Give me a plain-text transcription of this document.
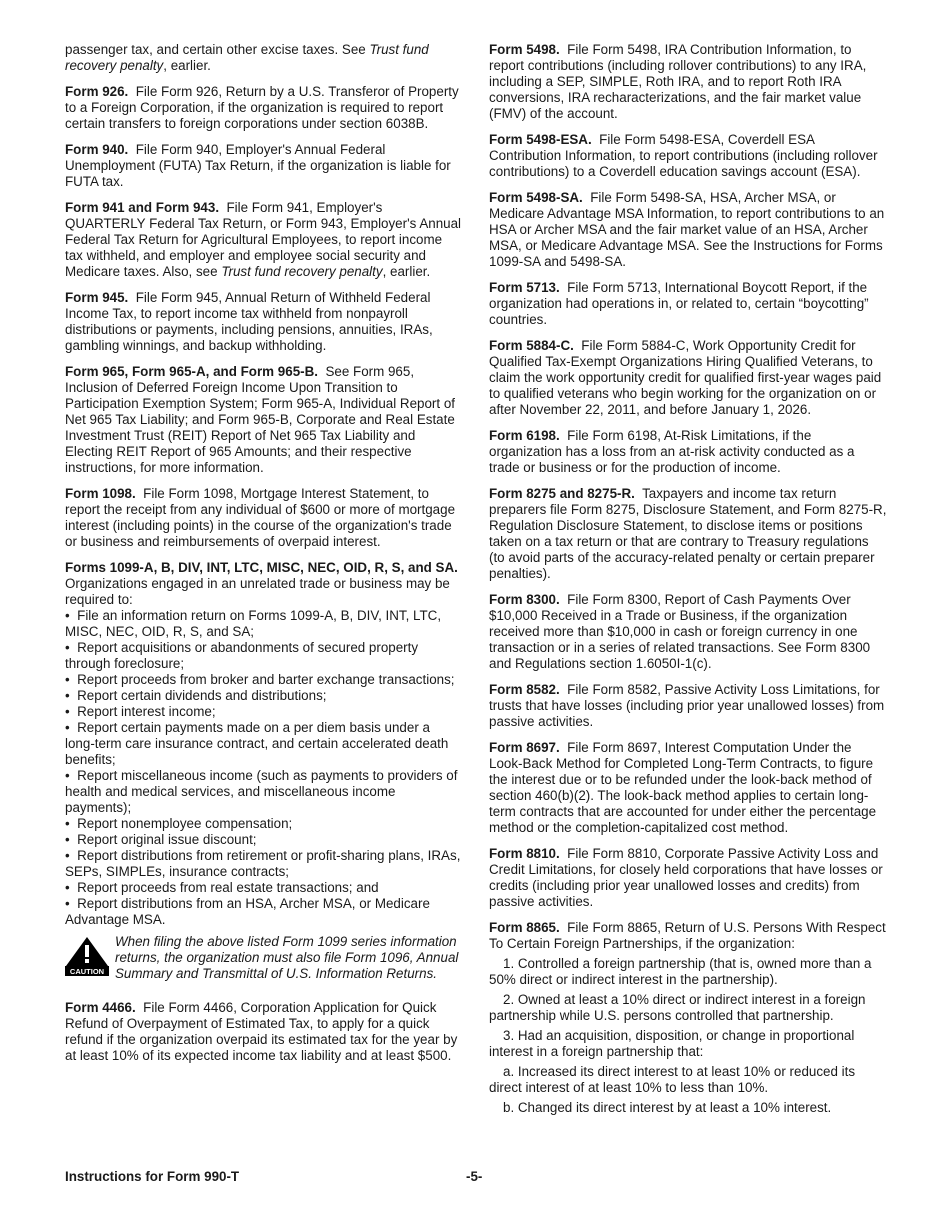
passenger tax, and certain other excise taxes. See Trust fund recovery penalty, earlier.

Form 926. File Form 926, Return by a U.S. Transferor of Property to a Foreign Corporation, if the organization is required to report certain transfers to foreign corporations under section 6038B.

Form 940. File Form 940, Employer's Annual Federal Unemployment (FUTA) Tax Return, if the organization is liable for FUTA tax.

Form 941 and Form 943. File Form 941, Employer's QUARTERLY Federal Tax Return, or Form 943, Employer's Annual Federal Tax Return for Agricultural Employees, to report income tax withheld, and employer and employee social security and Medicare taxes. Also, see Trust fund recovery penalty, earlier.

Form 945. File Form 945, Annual Return of Withheld Federal Income Tax, to report income tax withheld from nonpayroll distributions or payments, including pensions, annuities, IRAs, gambling winnings, and backup withholding.

Form 965, Form 965-A, and Form 965-B. See Form 965, Inclusion of Deferred Foreign Income Upon Transition to Participation Exemption System; Form 965-A, Individual Report of Net 965 Tax Liability; and Form 965-B, Corporate and Real Estate Investment Trust (REIT) Report of Net 965 Tax Liability and Electing REIT Report of 965 Amounts; and their respective instructions, for more information.

Form 1098. File Form 1098, Mortgage Interest Statement, to report the receipt from any individual of $600 or more of mortgage interest (including points) in the course of the organization's trade or business and reimbursements of overpaid interest.

Forms 1099-A, B, DIV, INT, LTC, MISC, NEC, OID, R, S, and SA.  Organizations engaged in an unrelated trade or business may be required to:

•  File an information return on Forms 1099-A, B, DIV, INT, LTC, MISC, NEC, OID, R, S, and SA;

•  Report acquisitions or abandonments of secured property through foreclosure;

•  Report proceeds from broker and barter exchange transactions;

•  Report certain dividends and distributions;

•  Report interest income;

•  Report certain payments made on a per diem basis under a long-term care insurance contract, and certain accelerated death benefits;

•  Report miscellaneous income (such as payments to providers of health and medical services, and miscellaneous income payments);

•  Report nonemployee compensation;

•  Report original issue discount;

•  Report distributions from retirement or profit-sharing plans, IRAs, SEPs, SIMPLEs, insurance contracts;

•  Report proceeds from real estate transactions; and

•  Report distributions from an HSA, Archer MSA, or Medicare Advantage MSA.

CAUTION
When filing the above listed Form 1099 series information returns, the organization must also file Form 1096, Annual Summary and Transmittal of U.S. Information Returns.

Form 4466. File Form 4466, Corporation Application for Quick Refund of Overpayment of Estimated Tax, to apply for a quick refund if the organization overpaid its estimated tax for the year by at least 10% of its expected income tax liability and at least $500.

Form 5498. File Form 5498, IRA Contribution Information, to report contributions (including rollover contributions) to any IRA, including a SEP, SIMPLE, Roth IRA, and to report Roth IRA conversions, IRA recharacterizations, and the fair market value (FMV) of the account.

Form 5498-ESA. File Form 5498-ESA, Coverdell ESA Contribution Information, to report contributions (including rollover contributions) to a Coverdell education savings account (ESA).

Form 5498-SA. File Form 5498-SA, HSA, Archer MSA, or Medicare Advantage MSA Information, to report contributions to an HSA or Archer MSA and the fair market value of an HSA, Archer MSA, or Medicare Advantage MSA. See the Instructions for Forms 1099-SA and 5498-SA.

Form 5713. File Form 5713, International Boycott Report, if the organization had operations in, or related to, certain “boycotting” countries.

Form 5884-C. File Form 5884-C, Work Opportunity Credit for Qualified Tax-Exempt Organizations Hiring Qualified Veterans, to claim the work opportunity credit for qualified first-year wages paid to qualified veterans who begin working for the organization on or after November 22, 2011, and before January 1, 2026.

Form 6198. File Form 6198, At-Risk Limitations, if the organization has a loss from an at-risk activity conducted as a trade or business or for the production of income.

Form 8275 and 8275-R. Taxpayers and income tax return preparers file Form 8275, Disclosure Statement, and Form 8275-R, Regulation Disclosure Statement, to disclose items or positions taken on a tax return or that are contrary to Treasury regulations (to avoid parts of the accuracy-related penalty or certain preparer penalties).

Form 8300. File Form 8300, Report of Cash Payments Over $10,000 Received in a Trade or Business, if the organization received more than $10,000 in cash or foreign currency in one transaction or in a series of related transactions. See Form 8300 and Regulations section 1.6050I-1(c).

Form 8582. File Form 8582, Passive Activity Loss Limitations, for trusts that have losses (including prior year unallowed losses) from passive activities.

Form 8697. File Form 8697, Interest Computation Under the Look-Back Method for Completed Long-Term Contracts, to figure the interest due or to be refunded under the look-back method of section 460(b)(2). The look-back method applies to certain long-term contracts that are accounted for under either the percentage method or the completion-capitalized cost method.

Form 8810. File Form 8810, Corporate Passive Activity Loss and Credit Limitations, for closely held corporations that have losses or credits (including prior year unallowed losses and credits) from passive activities.

Form 8865. File Form 8865, Return of U.S. Persons With Respect To Certain Foreign Partnerships, if the organization:

1. Controlled a foreign partnership (that is, owned more than a 50% direct or indirect interest in the partnership).

2. Owned at least a 10% direct or indirect interest in a foreign partnership while U.S. persons controlled that partnership.

3. Had an acquisition, disposition, or change in proportional interest in a foreign partnership that:

a. Increased its direct interest to at least 10% or reduced its direct interest of at least 10% to less than 10%.

b. Changed its direct interest by at least a 10% interest.

Instructions for Form 990-T	-5-
